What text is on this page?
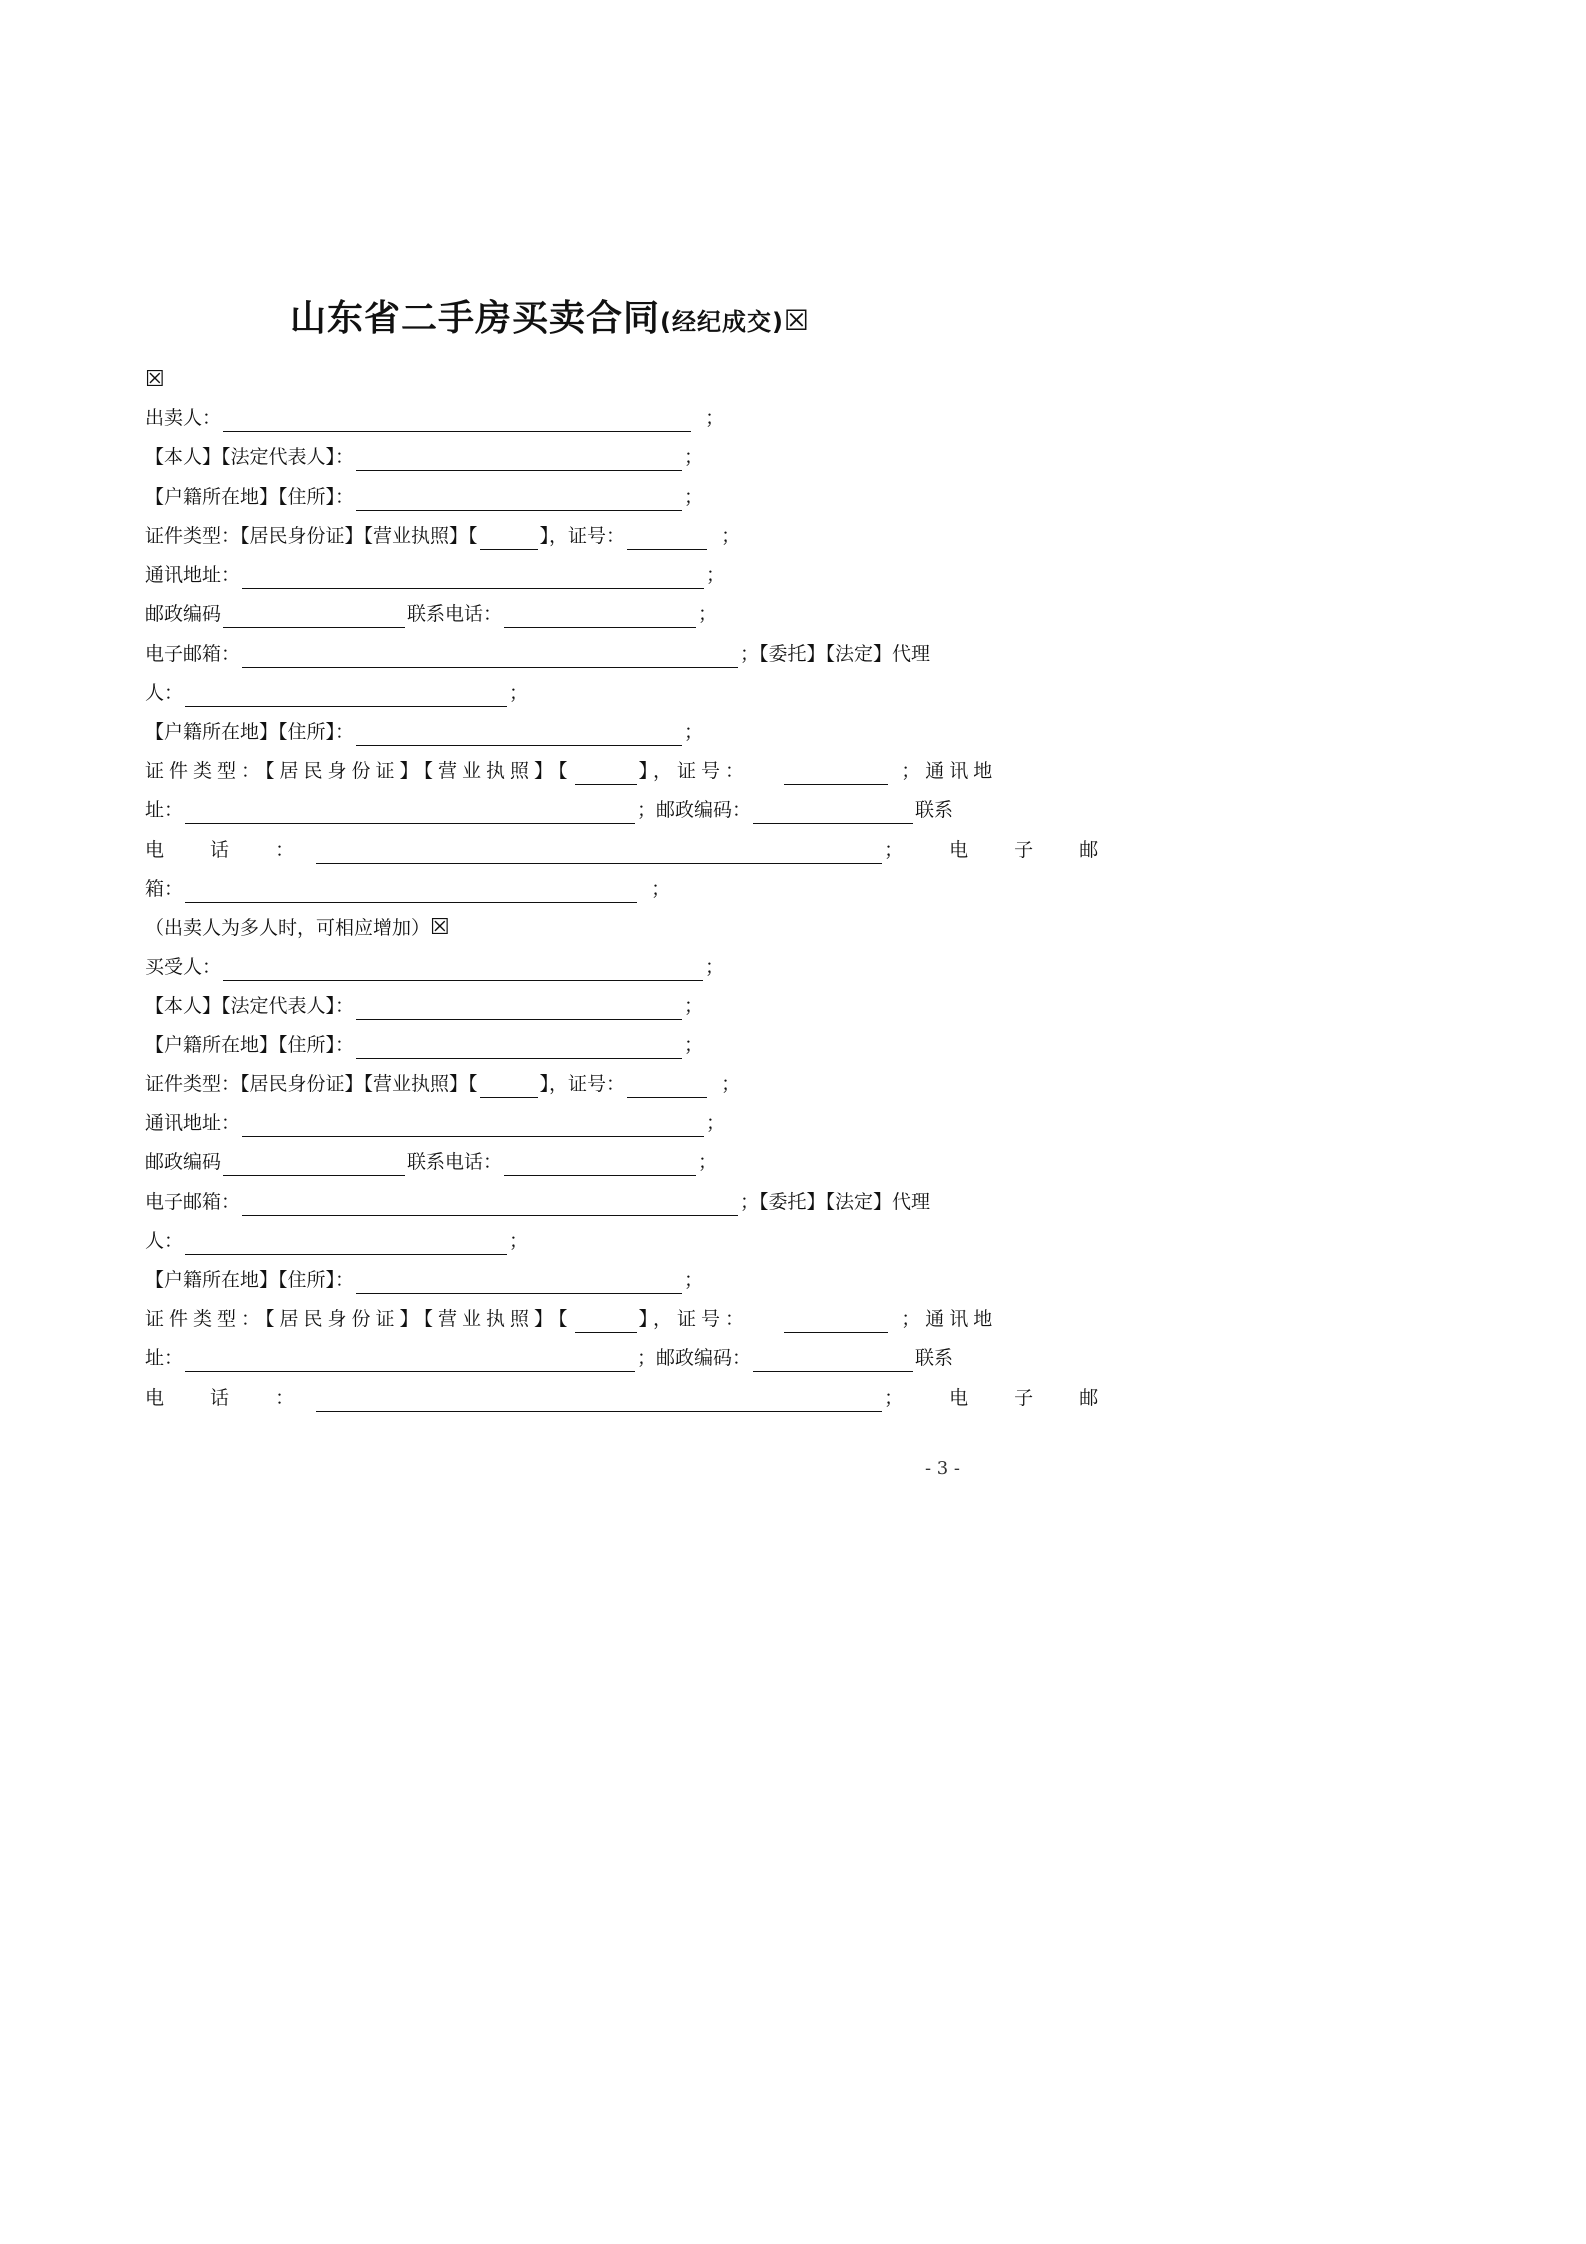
山东省二手房买卖合同(经纪成交)☒
☒
出卖人：	；
【本人】【法定代表人】：	；
【户籍所在地】【住所】：	；
证件类型：【居民身份证】【营业执照】【	】，证号：	；
通讯地址：	；
邮政编码	联系电话：	；
电子邮箱：	；【委托】【法定】代理
人：	；
【户籍所在地】【住所】：	；
证件类型：【居民身份证】【营业执照】【	】，证号：	；通讯地
址：	；邮政编码：	联系
电 话 ：	； 电 子 邮
箱：	；
（出卖人为多人时，可相应增加）☒
买受人：	；
【本人】【法定代表人】：	；
【户籍所在地】【住所】：	；
证件类型：【居民身份证】【营业执照】【	】，证号：	；
通讯地址：	；
邮政编码	联系电话：	；
电子邮箱：	；【委托】【法定】代理
人：	；
【户籍所在地】【住所】：	；
证件类型：【居民身份证】【营业执照】【	】，证号：	；通讯地
址：	；邮政编码：	联系
电 话 ：	； 电 子 邮
- 3 -
